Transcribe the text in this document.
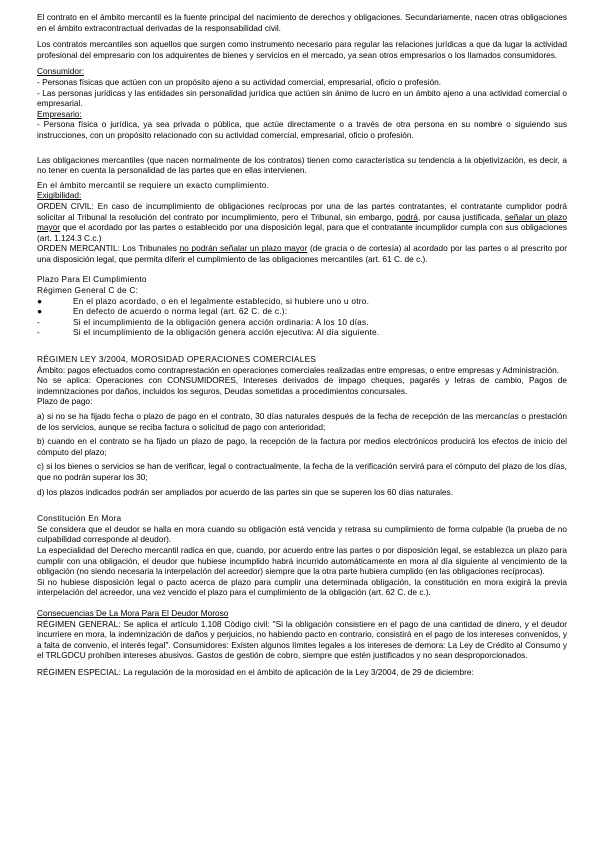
El contrato en el ámbito mercantil es la fuente principal del nacimiento de derechos y obligaciones. Secundariamente, nacen otras obligaciones en el ámbito extracontractual derivadas de la responsabilidad civil.

Los contratos mercantiles son aquellos que surgen como instrumento necesario para regular las relaciones jurídicas a que da lugar la actividad profesional del empresario con los adquirentes de bienes y servicios en el mercado, ya sean otros empresarios o los llamados consumidores.

Consumidor:

- Personas físicas que actúen con un propósito ajeno a su actividad comercial, empresarial, oficio o profesión.

- Las personas jurídicas y las entidades sin personalidad jurídica que actúen sin ánimo de lucro en un ámbito ajeno a una actividad comercial o empresarial.

Empresario:

- Persona física o jurídica, ya sea privada o pública, que actúe directamente o a través de otra persona en su nombre o siguiendo sus instrucciones, con un propósito relacionado con su actividad comercial, empresarial, oficio o profesión.

Las obligaciones mercantiles (que nacen normalmente de los contratos) tienen como característica su tendencia a la objetivización, es decir, a no tener en cuenta la personalidad de las partes que en ellas intervienen.

En el ámbito mercantil se requiere un exacto cumplimiento.

Exigibilidad:

ORDEN CIVIL: En caso de incumplimiento de obligaciones recíprocas por una de las partes contratantes, el contratante cumplidor podrá solicitar al Tribunal la resolución del contrato por incumplimiento, pero el Tribunal, sin embargo, podrá, por causa justificada, señalar un plazo mayor que el acordado por las partes o establecido por una disposición legal, para que el contratante incumplidor cumpla con sus obligaciones (art. 1.124.3 C.c.)

ORDEN MERCANTIL: Los Tribunales no podrán señalar un plazo mayor (de gracia o de cortesía) al acordado por las partes o al prescrito por una disposición legal, que permita diferir el cumplimiento de las obligaciones mercantiles (art. 61 C. de c.).

Plazo Para El Cumplimiento

Régimen General C de C:

●	En el plazo acordado, o en el legalmente establecido, si hubiere uno u otro.
●	En defecto de acuerdo o norma legal (art. 62 C. de c.):
-	Si el incumplimiento de la obligación genera acción ordinaria: A los 10 días.
-	Si el incumplimiento de la obligación genera acción ejecutiva: Al día siguiente.

RÉGIMEN LEY 3/2004, MOROSIDAD OPERACIONES COMERCIALES

Ámbito: pagos efectuados como contraprestación en operaciones comerciales realizadas entre empresas, o entre empresas y Administración.

No se aplica: Operaciones con CONSUMIDORES, Intereses derivados de impago cheques, pagarés y letras de cambio, Pagos de indemnizaciones por daños, incluidos los seguros, Deudas sometidas a procedimientos concursales.

Plazo de pago:

a) si no se ha fijado fecha o plazo de pago en el contrato, 30 días naturales después de la fecha de recepción de las mercancías o prestación de los servicios, aunque se reciba factura o solicitud de pago con anterioridad;

b) cuando en el contrato se ha fijado un plazo de pago, la recepción de la factura por medios electrónicos producirá los efectos de inicio del cómputo del plazo;

c) si los bienes o servicios se han de verificar, legal o contractualmente, la fecha de la verificación servirá para el cómputo del plazo de los días, que no podrán superar los 30;

d) los plazos indicados podrán ser ampliados por acuerdo de las partes sin que se superen los 60 días naturales.

Constitución En Mora

Se considera que el deudor se halla en mora cuando su obligación está vencida y retrasa su cumplimiento de forma culpable (la prueba de no culpabilidad corresponde al deudor).

La especialidad del Derecho mercantil radica en que, cuando, por acuerdo entre las partes o por disposición legal, se establezca un plazo para cumplir con una obligación, el deudor que hubiese incumplido habrá incurrido automáticamente en mora al día siguiente al vencimiento de la obligación (no siendo necesaria la interpelación del acreedor) siempre que la otra parte hubiera cumplido (en las obligaciones recíprocas).

Si no hubiese disposición legal o pacto acerca de plazo para cumplir una determinada obligación, la constitución en mora exigirá la previa interpelación del acreedor, una vez vencido el plazo para el cumplimiento de la obligación (art. 62 C. de c.).

Consecuencias De La Mora Para El Deudor Moroso

RÉGIMEN GENERAL: Se aplica el artículo 1.108 Código civil: "Si la obligación consistiere en el pago de una cantidad de dinero, y el deudor incurriere en mora, la indemnización de daños y perjuicios, no habiendo pacto en contrario, consistirá en el pago de los intereses convenidos, y a falta de convenio, el interés legal". Consumidores: Existen algunos límites legales a los intereses de demora: La Ley de Crédito al Consumo y el TRLGDCU prohíben intereses abusivos. Gastos de gestión de cobro, siempre que estén justificados y no sean desproporcionados.

RÉGIMEN ESPECIAL: La regulación de la morosidad en el ámbito de aplicación de la Ley 3/2004, de 29 de diciembre:
